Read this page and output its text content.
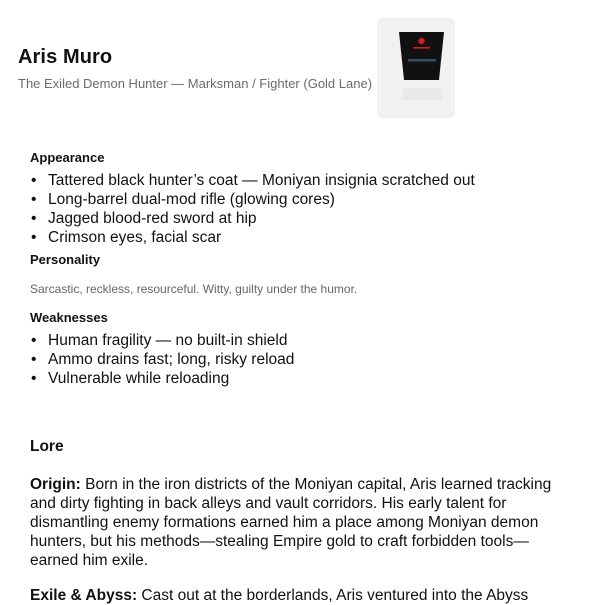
Aris Muro
The Exiled Demon Hunter — Marksman / Fighter (Gold Lane)
Appearance
• Tattered black hunter’s coat — Moniyan insignia scratched out
• Long-barrel dual-mod rifle (glowing cores)
• Jagged blood-red sword at hip
• Crimson eyes, facial scar
Personality

Sarcastic, reckless, resourceful. Witty, guilty under the humor.

Weaknesses
• Human fragility — no built-in shield
• Ammo drains fast; long, risky reload
• Vulnerable while reloading
Lore

Origin: Born in the iron districts of the Moniyan capital, Aris learned tracking and dirty fighting in back alleys and vault corridors. His early talent for dismantling enemy formations earned him a place among Moniyan demon hunters, but his methods—stealing Empire gold to craft forbidden tools—earned him exile.

Exile & Abyss: Cast out at the borderlands, Aris ventured into the Abyss
